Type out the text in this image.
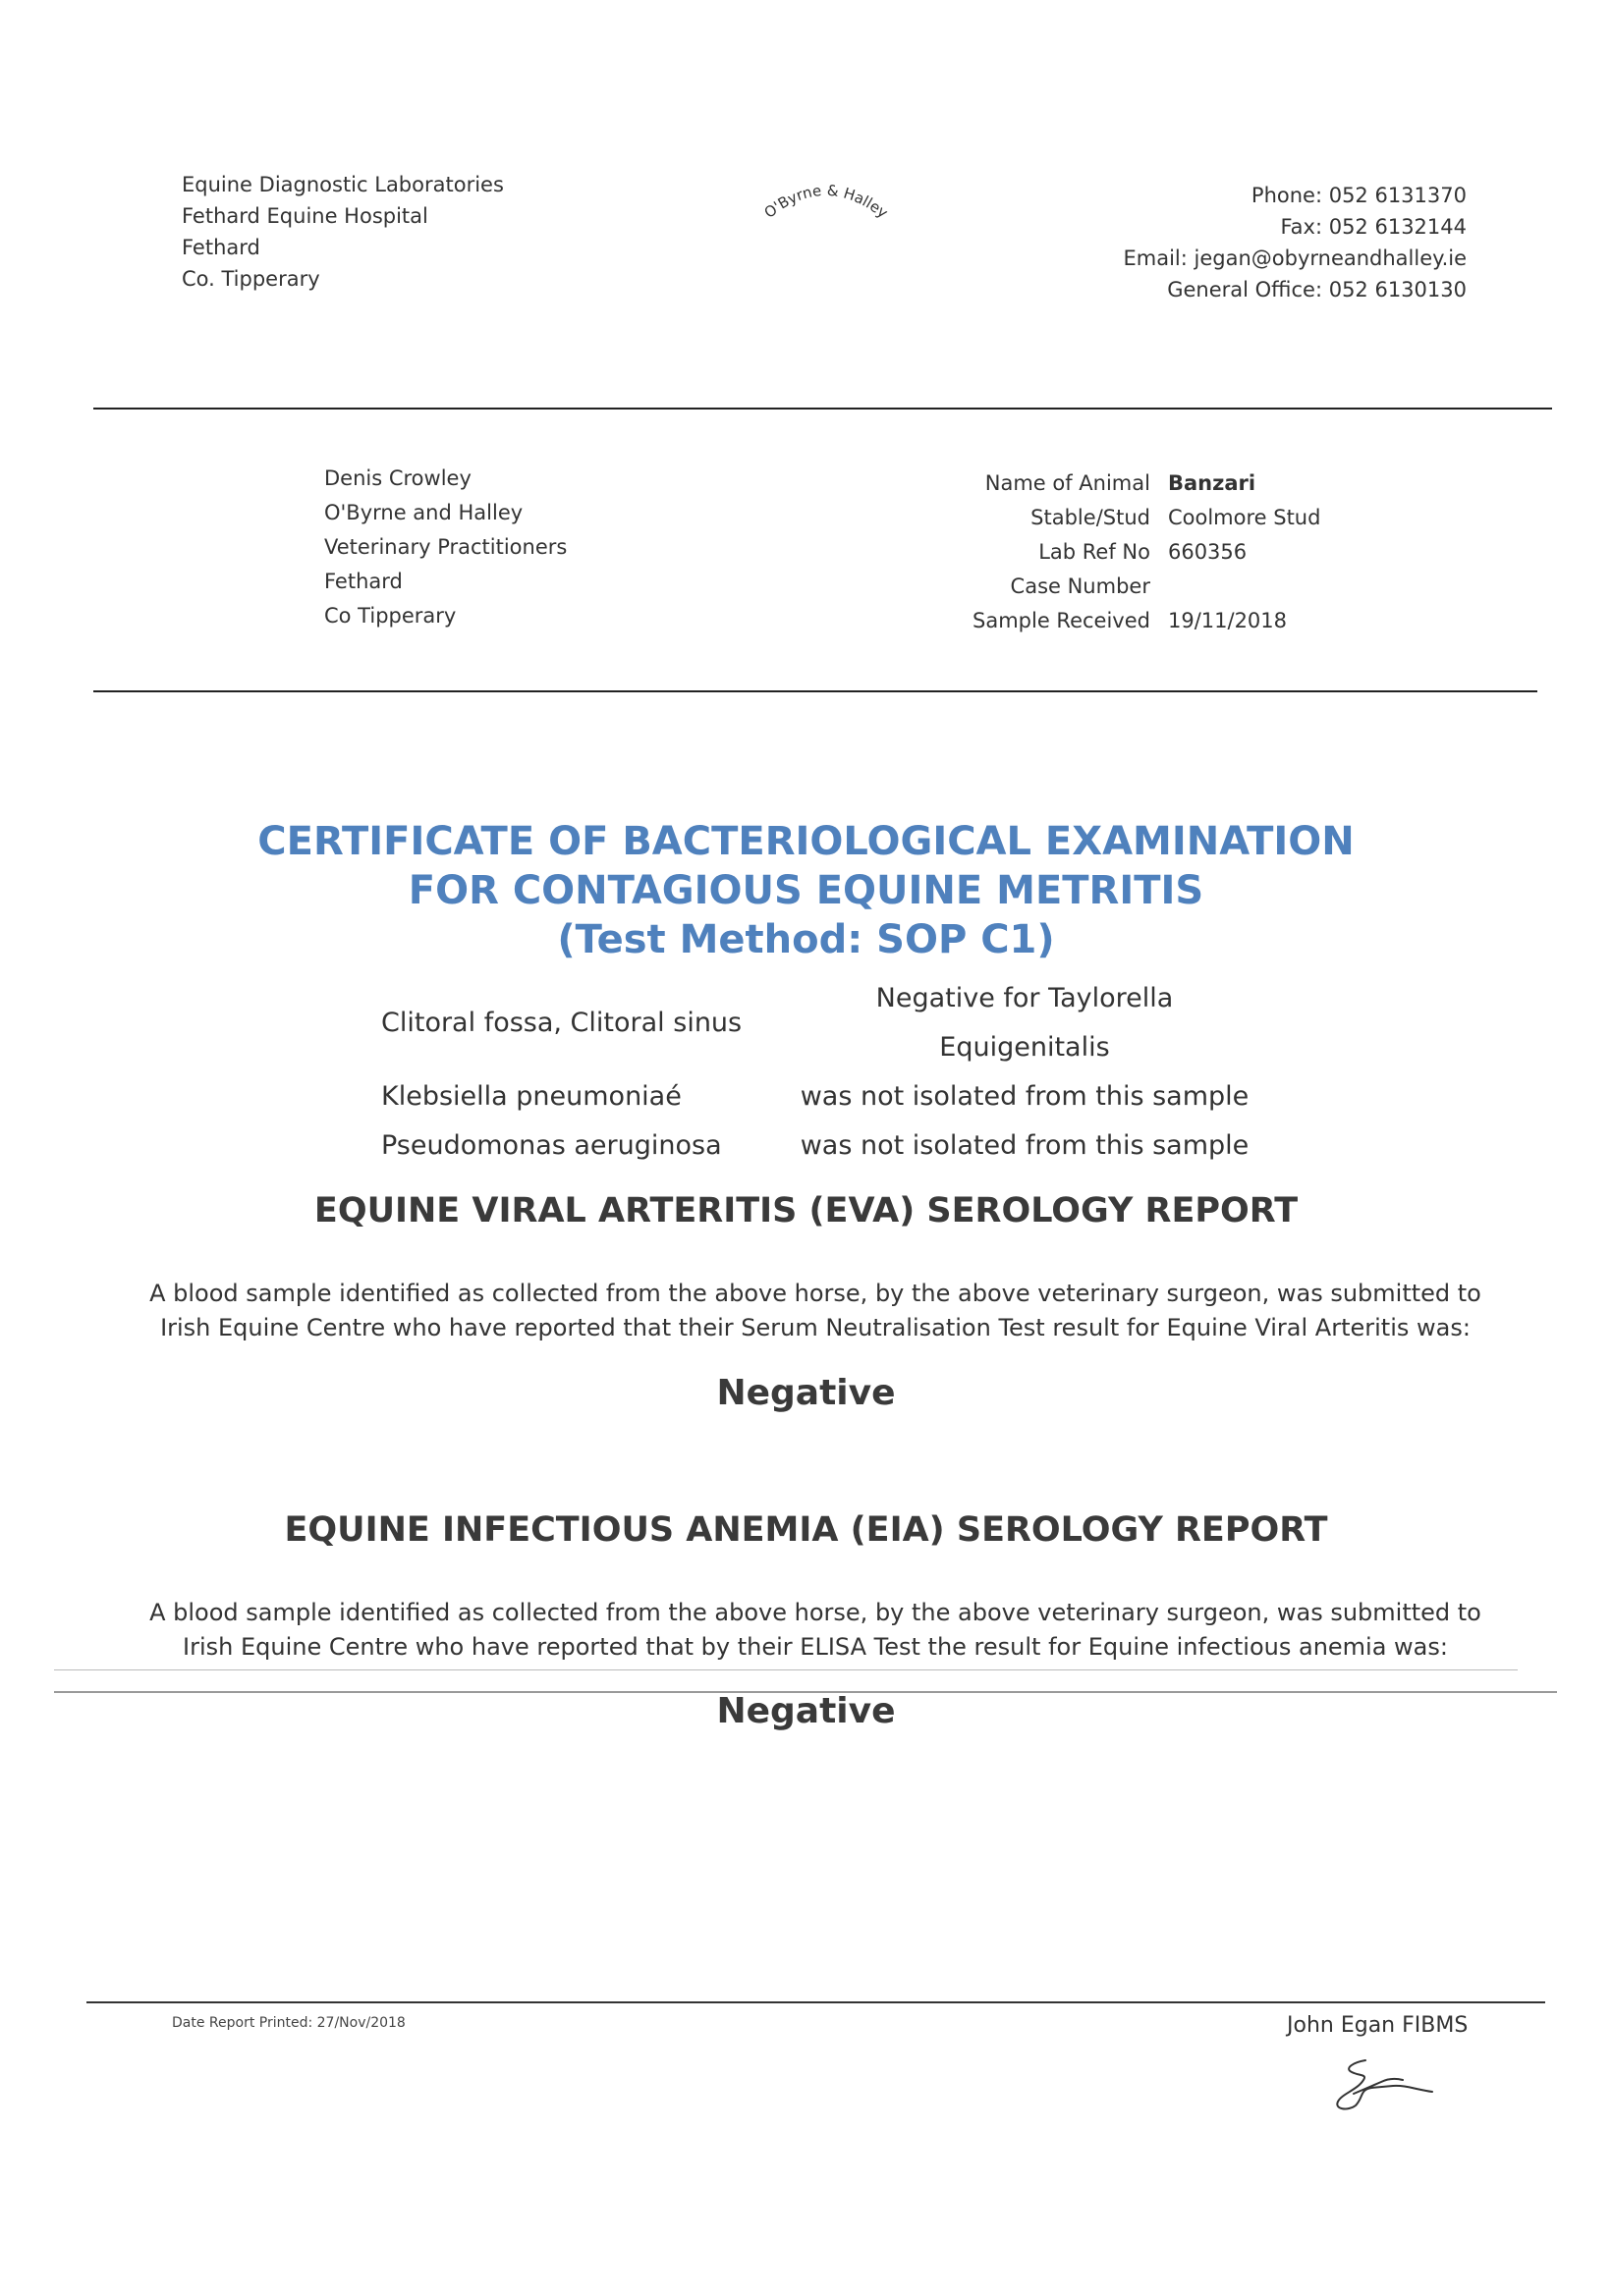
Equine Diagnostic Laboratories
Fethard Equine Hospital
Fethard
Co. Tipperary
O'Byrne & Halley
Phone: 052 6131370
Fax: 052 6132144
Email: jegan@obyrneandhalley.ie
General Office: 052 6130130
Denis Crowley
O'Byrne and Halley
Veterinary Practitioners
Fethard
Co Tipperary
Name of Animal	Banzari
Stable/Stud	Coolmore Stud
Lab Ref No	660356
Case Number	
Sample Received	19/11/2018
CERTIFICATE OF BACTERIOLOGICAL EXAMINATION
FOR CONTAGIOUS EQUINE METRITIS
(Test Method: SOP C1)
Clitoral fossa, Clitoral sinus	Negative for Taylorella Equigenitalis
Klebsiella pneumoniaé	was not isolated from this sample
Pseudomonas aeruginosa	was not isolated from this sample
EQUINE VIRAL ARTERITIS (EVA) SEROLOGY REPORT
A blood sample identified as collected from the above horse, by the above veterinary surgeon, was submitted to
Irish Equine Centre who have reported that their Serum Neutralisation Test result for Equine Viral Arteritis was:
Negative
EQUINE INFECTIOUS ANEMIA (EIA) SEROLOGY REPORT
A blood sample identified as collected from the above horse, by the above veterinary surgeon, was submitted to
Irish Equine Centre who have reported that by their ELISA Test the result for Equine infectious anemia was:
Negative
Date Report Printed: 27/Nov/2018	John Egan FIBMS
